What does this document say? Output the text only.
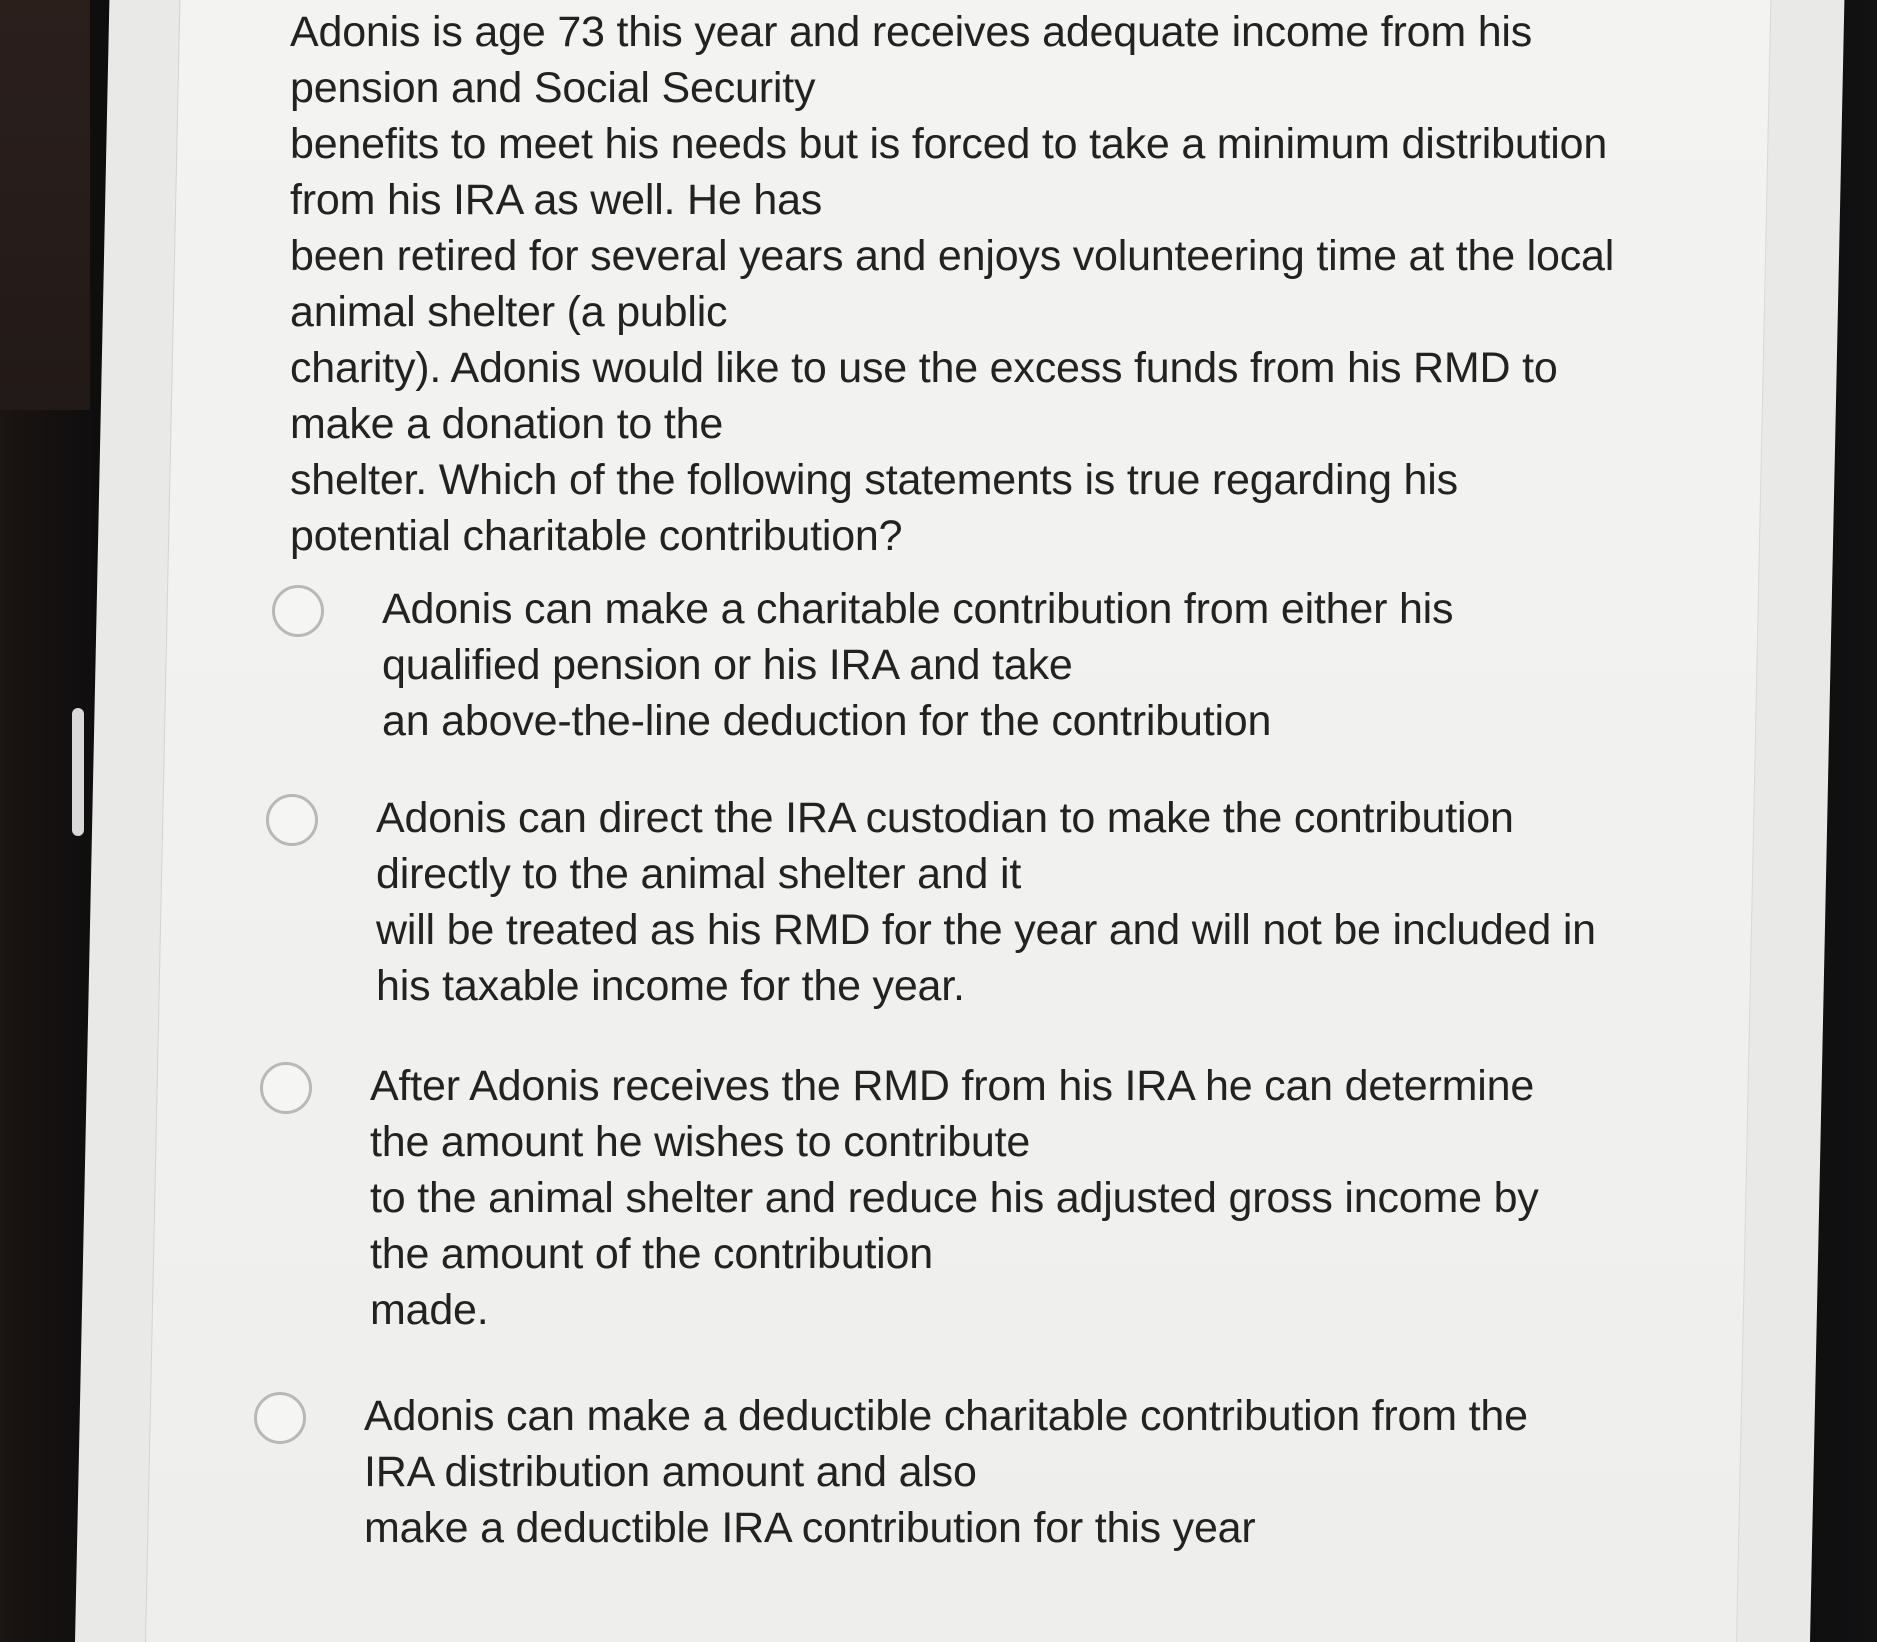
Adonis is age 73 this year and receives adequate income from his
pension and Social Security
benefits to meet his needs but is forced to take a minimum distribution
from his IRA as well. He has
been retired for several years and enjoys volunteering time at the local
animal shelter (a public
charity). Adonis would like to use the excess funds from his RMD to
make a donation to the
shelter. Which of the following statements is true regarding his
potential charitable contribution?
Adonis can make a charitable contribution from either his
qualified pension or his IRA and take
an above-the-line deduction for the contribution
Adonis can direct the IRA custodian to make the contribution
directly to the animal shelter and it
will be treated as his RMD for the year and will not be included in
his taxable income for the year.
After Adonis receives the RMD from his IRA he can determine
the amount he wishes to contribute
to the animal shelter and reduce his adjusted gross income by
the amount of the contribution
made.
Adonis can make a deductible charitable contribution from the
IRA distribution amount and also
make a deductible IRA contribution for this year
